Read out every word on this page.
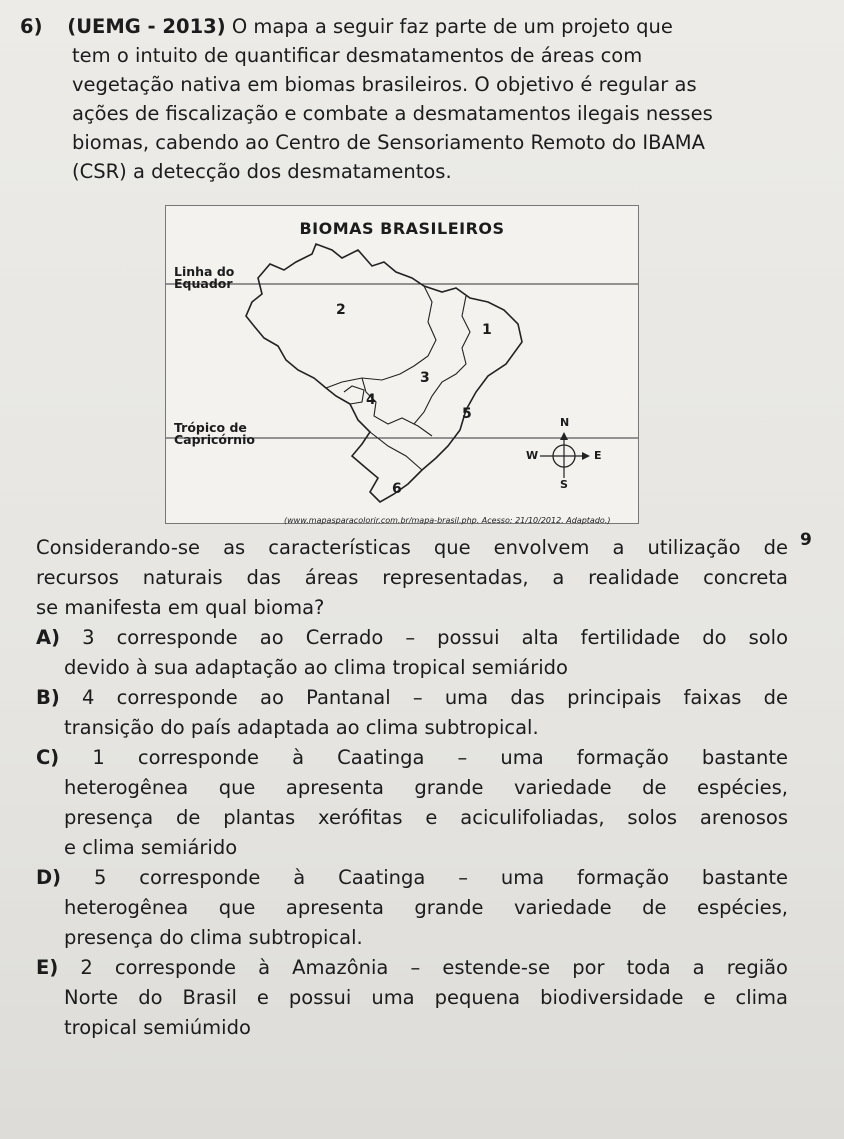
6) (UEMG - 2013) O mapa a seguir faz parte de um projeto que
tem o intuito de quantificar desmatamentos de áreas com
vegetação nativa em biomas brasileiros. O objetivo é regular as
ações de fiscalização e combate a desmatamentos ilegais nesses
biomas, cabendo ao Centro de Sensoriamento Remoto do IBAMA
(CSR) a detecção dos desmatamentos.
BIOMAS BRASILEIROS
Linha do
Equador
Trópico de
Capricórnio
1
2
3
4
5
6
N
S
E
W
(www.mapasparacolorir.com.br/mapa-brasil.php. Acesso: 21/10/2012. Adaptado.)
9
Considerando-se as características que envolvem a utilização de
recursos naturais das áreas representadas, a realidade concreta
se manifesta em qual bioma?
A) 3 corresponde ao Cerrado – possui alta fertilidade do solo
devido à sua adaptação ao clima tropical semiárido
B) 4 corresponde ao Pantanal – uma das principais faixas de
transição do país adaptada ao clima subtropical.
C) 1 corresponde à Caatinga – uma formação bastante
heterogênea que apresenta grande variedade de espécies,
presença de plantas xerófitas e aciculifoliadas, solos arenosos
e clima semiárido
D) 5 corresponde à Caatinga – uma formação bastante
heterogênea que apresenta grande variedade de espécies,
presença do clima subtropical.
E) 2 corresponde à Amazônia – estende-se por toda a região
Norte do Brasil e possui uma pequena biodiversidade e clima
tropical semiúmido
